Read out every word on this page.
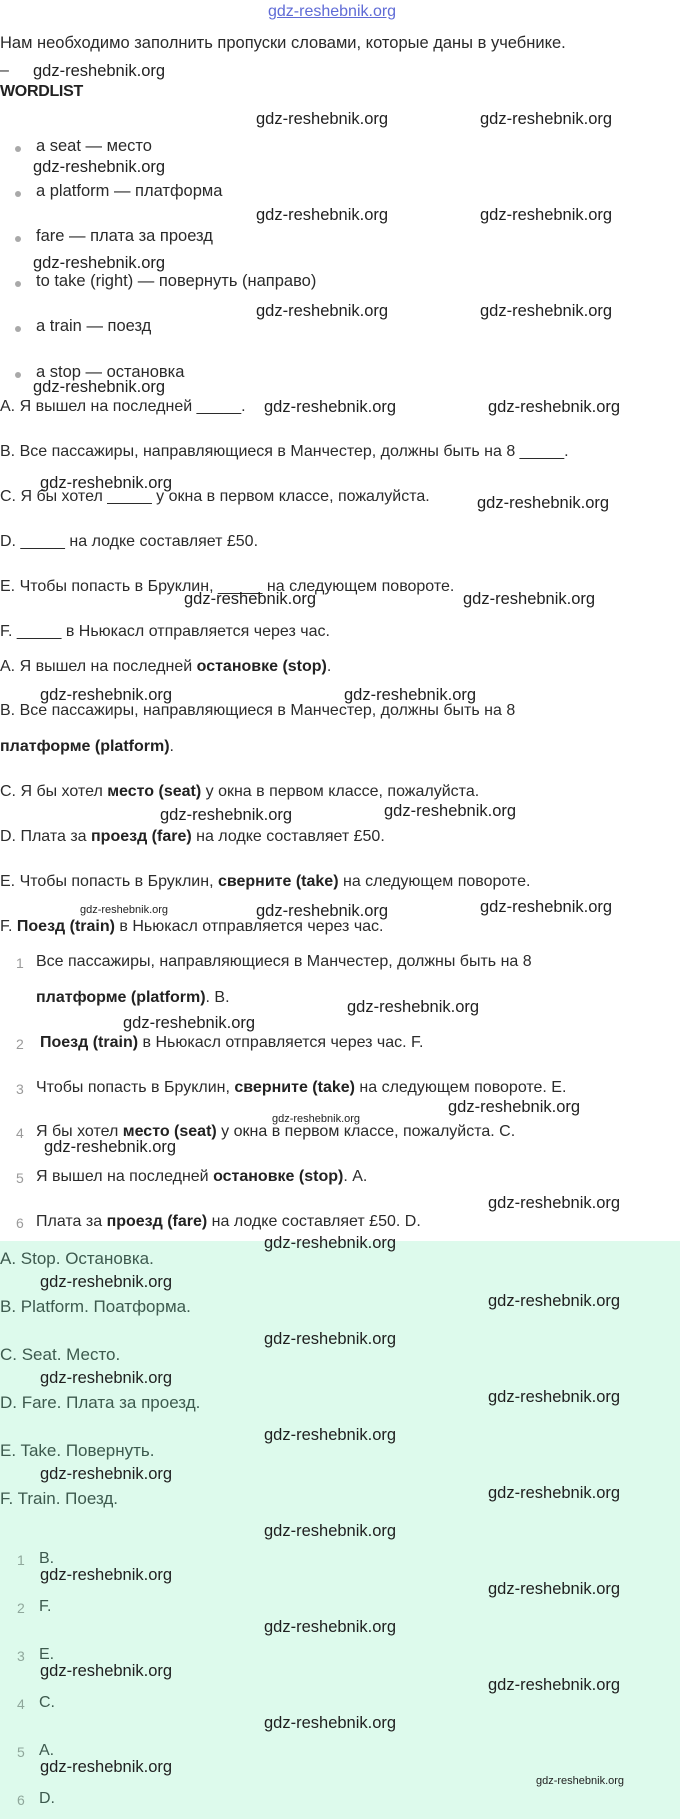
gdz-reshebnik.org
Нам необходимо заполнить пропуски словами, которые даны в учебнике.
–
WORDLIST
a seat — место
a platform — платформа
fare — плата за проезд
to take (right) — повернуть (направо)
a train — поезд
a stop — остановка
A. Я вышел на последней _____.
B. Все пассажиры, направляющиеся в Манчестер, должны быть на 8 _____.
C. Я бы хотел _____ у окна в первом классе, пожалуйста.
D. _____ на лодке составляет £50.
E. Чтобы попасть в Бруклин, _____ на следующем повороте.
F. _____ в Ньюкасл отправляется через час.
A. Я вышел на последней остановке (stop).
B. Все пассажиры, направляющиеся в Манчестер, должны быть на 8
платформе (platform).
C. Я бы хотел место (seat) у окна в первом классе, пожалуйста.
D. Плата за проезд (fare) на лодке составляет £50.
E. Чтобы попасть в Бруклин, сверните (take) на следующем повороте.
F. Поезд (train) в Ньюкасл отправляется через час.
1 Все пассажиры, направляющиеся в Манчестер, должны быть на 8
платформе (platform). B.
2 Поезд (train) в Ньюкасл отправляется через час. F.
3 Чтобы попасть в Бруклин, сверните (take) на следующем повороте. E.
4 Я бы хотел место (seat) у окна в первом классе, пожалуйста. C.
5 Я вышел на последней остановке (stop). A.
6 Плата за проезд (fare) на лодке составляет £50. D.
A. Stop. Остановка.
B. Platform. Поатформа.
C. Seat. Место.
D. Fare. Плата за проезд.
E. Take. Повернуть.
F. Train. Поезд.
1 B.
2 F.
3 E.
4 C.
5 A.
6 D.
gdz-reshebnik.org
gdz-reshebnik.org	gdz-reshebnik.org
gdz-reshebnik.org
gdz-reshebnik.org	gdz-reshebnik.org
gdz-reshebnik.org
gdz-reshebnik.org	gdz-reshebnik.org
gdz-reshebnik.org
gdz-reshebnik.org	gdz-reshebnik.org
gdz-reshebnik.org
gdz-reshebnik.org
gdz-reshebnik.org	gdz-reshebnik.org
gdz-reshebnik.org	gdz-reshebnik.org
gdz-reshebnik.org
gdz-reshebnik.org
gdz-reshebnik.org	gdz-reshebnik.org	gdz-reshebnik.org
gdz-reshebnik.org
gdz-reshebnik.org
gdz-reshebnik.org
gdz-reshebnik.org
gdz-reshebnik.org
gdz-reshebnik.org
gdz-reshebnik.org
gdz-reshebnik.org
gdz-reshebnik.org
gdz-reshebnik.org
gdz-reshebnik.org
gdz-reshebnik.org
gdz-reshebnik.org
gdz-reshebnik.org
gdz-reshebnik.org
gdz-reshebnik.org
gdz-reshebnik.org
gdz-reshebnik.org
gdz-reshebnik.org
gdz-reshebnik.org
gdz-reshebnik.org
gdz-reshebnik.org
gdz-reshebnik.org
gdz-reshebnik.org
